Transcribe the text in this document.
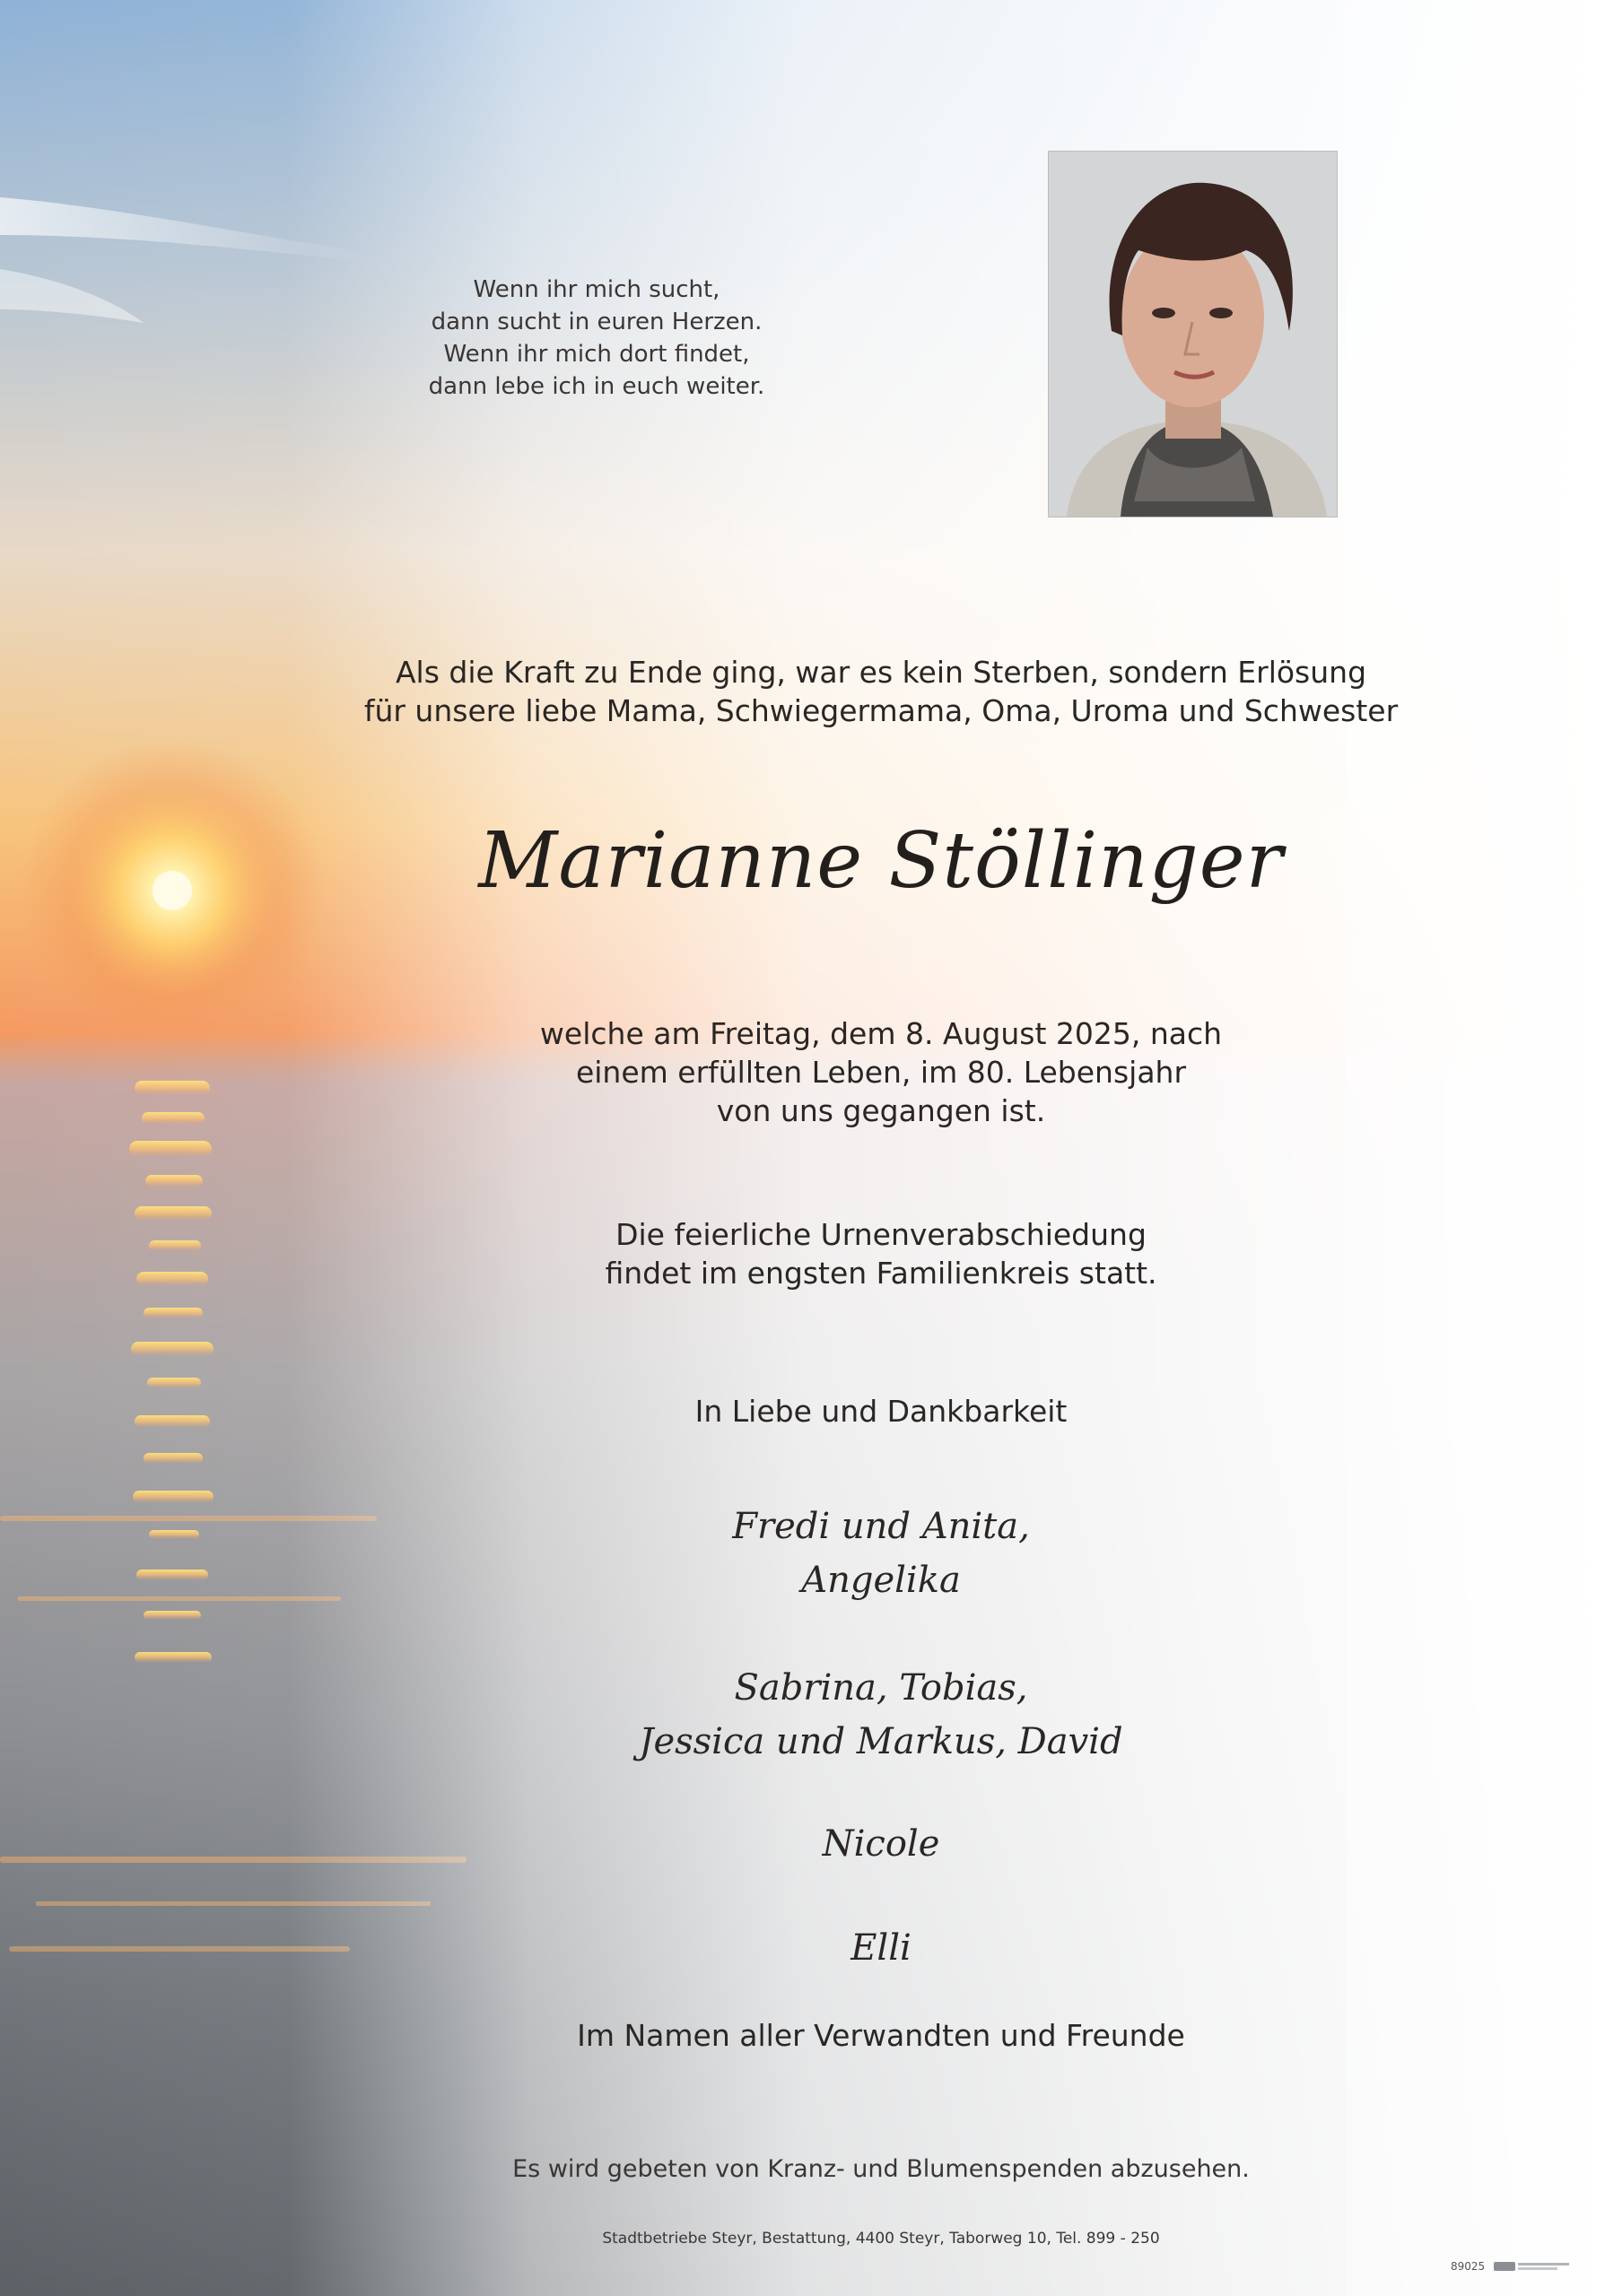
Wenn ihr mich sucht,
dann sucht in euren Herzen.
Wenn ihr mich dort findet,
dann lebe ich in euch weiter.
Als die Kraft zu Ende ging, war es kein Sterben, sondern Erlösung
für unsere liebe Mama, Schwiegermama, Oma, Uroma und Schwester
Marianne Stöllinger
welche am Freitag, dem 8. August 2025, nach
einem erfüllten Leben, im 80. Lebensjahr
von uns gegangen ist.
Die feierliche Urnenverabschiedung
findet im engsten Familienkreis statt.
In Liebe und Dankbarkeit
Fredi und Anita,
Angelika
Sabrina, Tobias,
Jessica und Markus, David
Nicole
Elli
Im Namen aller Verwandten und Freunde
Es wird gebeten von Kranz- und Blumenspenden abzusehen.
Stadtbetriebe Steyr, Bestattung, 4400 Steyr, Taborweg 10, Tel. 899 - 250
89025
